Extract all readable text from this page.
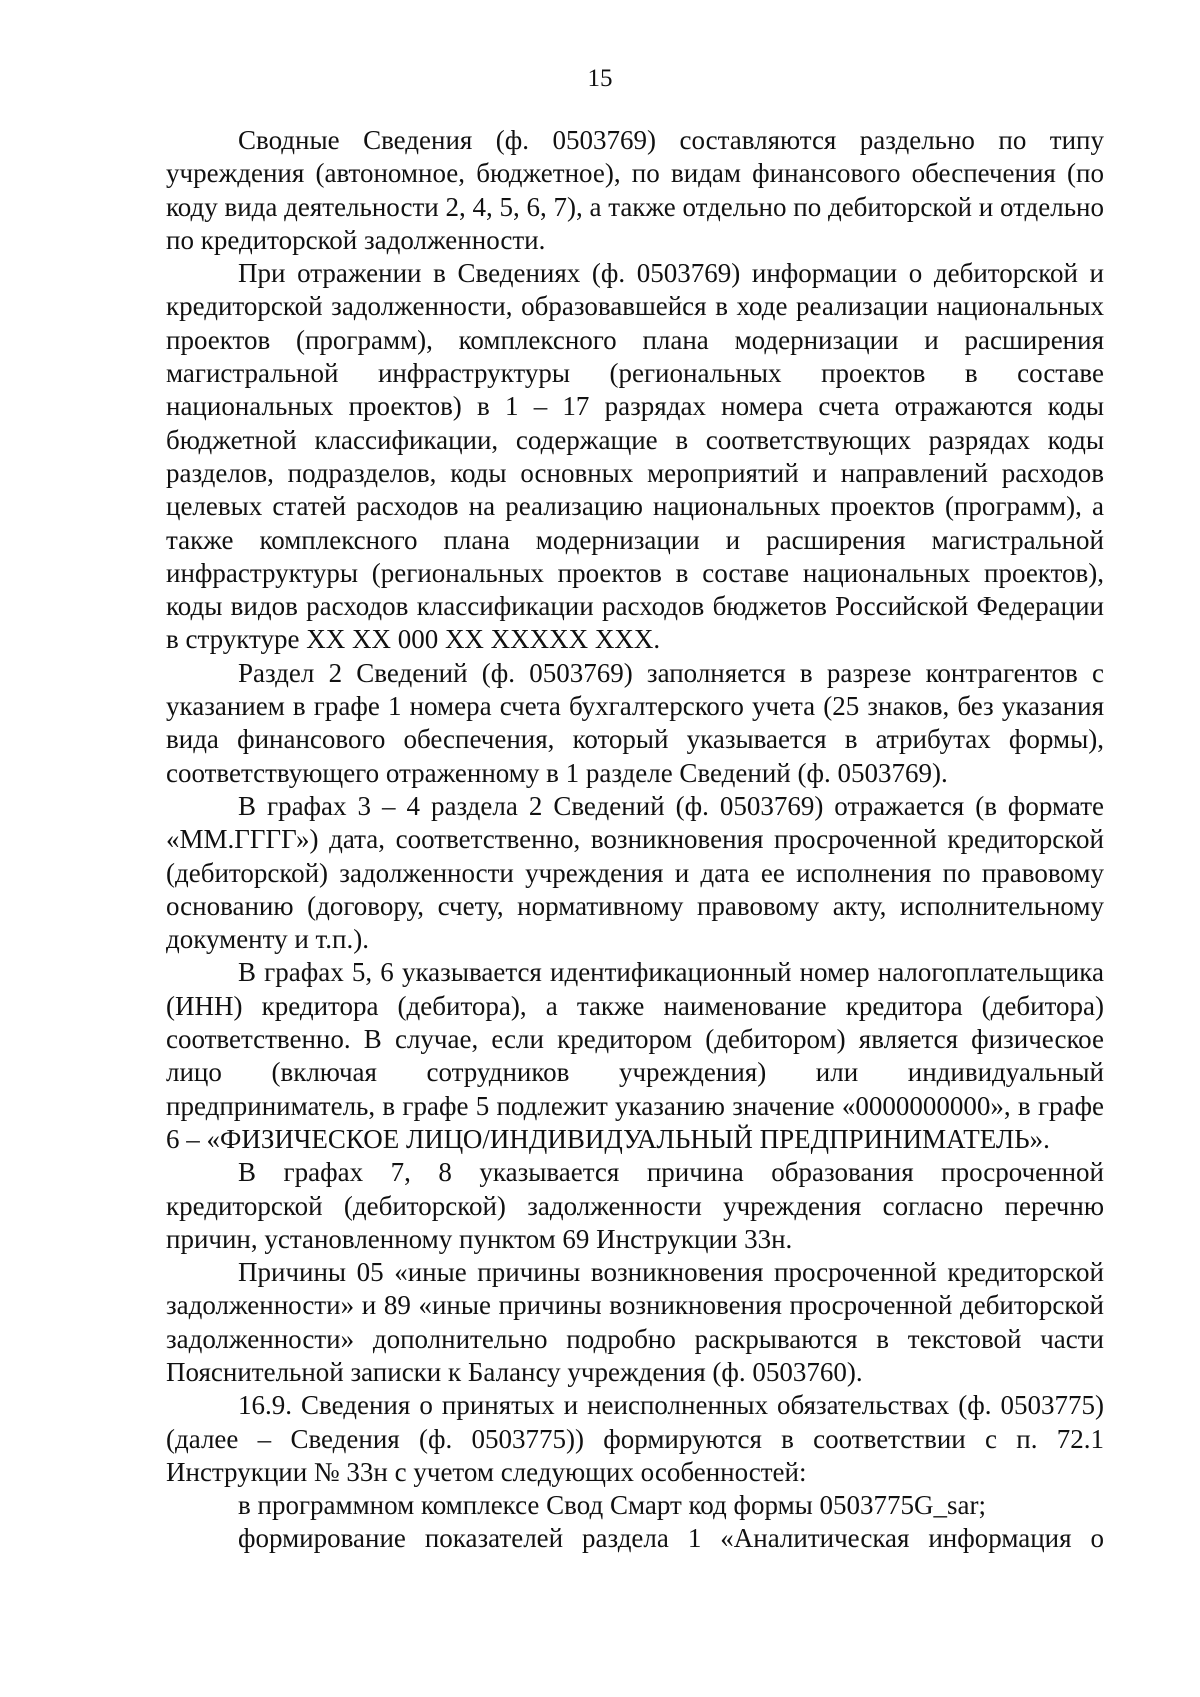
15

Сводные Сведения (ф. 0503769) составляются раздельно по типу учреждения (автономное, бюджетное), по видам финансового обеспечения (по коду вида деятельности 2, 4, 5, 6, 7), а также отдельно по дебиторской и отдельно по кредиторской задолженности.

При отражении в Сведениях (ф. 0503769) информации о дебиторской и кредиторской задолженности, образовавшейся в ходе реализации национальных проектов (программ), комплексного плана модернизации и расширения магистральной инфраструктуры (региональных проектов в составе национальных проектов) в 1 – 17 разрядах номера счета отражаются коды бюджетной классификации, содержащие в соответствующих разрядах коды разделов, подразделов, коды основных мероприятий и направлений расходов целевых статей расходов на реализацию национальных проектов (программ), а также комплексного плана модернизации и расширения магистральной инфраструктуры (региональных проектов в составе национальных проектов), коды видов расходов классификации расходов бюджетов Российской Федерации в структуре XX XX 000 XX XXXXX XXX.

Раздел 2 Сведений (ф. 0503769) заполняется в разрезе контрагентов с указанием в графе 1 номера счета бухгалтерского учета (25 знаков, без указания вида финансового обеспечения, который указывается в атрибутах формы), соответствующего отраженному в 1 разделе Сведений (ф. 0503769).

В графах 3 – 4 раздела 2 Сведений (ф. 0503769) отражается (в формате «ММ.ГГГГ») дата, соответственно, возникновения просроченной кредиторской (дебиторской) задолженности учреждения и дата ее исполнения по правовому основанию (договору, счету, нормативному правовому акту, исполнительному документу и т.п.).

В графах 5, 6 указывается идентификационный номер налогоплательщика (ИНН) кредитора (дебитора), а также наименование кредитора (дебитора) соответственно. В случае, если кредитором (дебитором) является физическое лицо (включая сотрудников учреждения) или индивидуальный предприниматель, в графе 5 подлежит указанию значение «0000000000», в графе 6 – «ФИЗИЧЕСКОЕ ЛИЦО/ИНДИВИДУАЛЬНЫЙ ПРЕДПРИНИМАТЕЛЬ».

В графах 7, 8 указывается причина образования просроченной кредиторской (дебиторской) задолженности учреждения согласно перечню причин, установленному пунктом 69 Инструкции 33н.

Причины 05 «иные причины возникновения просроченной кредиторской задолженности» и 89 «иные причины возникновения просроченной дебиторской задолженности» дополнительно подробно раскрываются в текстовой части Пояснительной записки к Балансу учреждения (ф. 0503760).

16.9. Сведения о принятых и неисполненных обязательствах (ф. 0503775) (далее – Сведения (ф. 0503775)) формируются в соответствии с п. 72.1 Инструкции № 33н с учетом следующих особенностей:

в программном комплексе Свод Смарт код формы 0503775G_sar;

формирование показателей раздела 1 «Аналитическая информация о
